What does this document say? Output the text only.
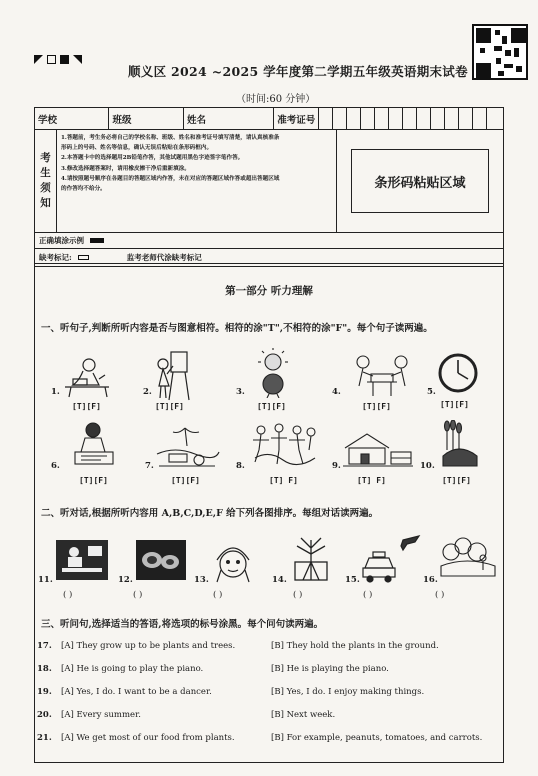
顺义区 2024 ~2025 学年度第二学期五年级英语期末试卷
（时间:60 分钟）
学校	班级	姓名	准考证号
考
生
须
知
1.答题前，考生务必将自己的学校名称、班级、姓名和准考证号填写清楚，请认真核准条
形码上的号码、姓名等信息，确认无误后粘贴在条形码框内。
2.本答题卡中的选择题用2B铅笔作答，其他试题用黑色字迹签字笔作答。
3.修改选择题答案时，请用橡皮擦干净后重新填涂。
4.请按照题号顺序在各题目的答题区域内作答，未在对应的答题区域作答或超出答题区域
的作答均不给分。	条形码粘贴区域
正确填涂示例
缺考标记:	监考老师代涂缺考标记
第一部分 听力理解
一、听句子,判断所听内容是否与图意相符。相符的涂"T",不相符的涂"F"。每个句子读两遍。
1.
[T][F]
2.
[T][F]
3.
[T][F]
4.
[T][F]
5.
[T][F]
6.
[T][F]
7.
[T][F]
8.
[T] F]
9.
[T] F]
10.
[T][F]
二、听对话,根据所听内容用 A,B,C,D,E,F 给下列各图排序。每组对话读两遍。
11.
( )
12.
( )
13.
( )
14.
( )
15.
( )
16.
( )
三、听问句,选择适当的答语,将选项的标号涂黑。每个问句读两遍。
17. [A] They grow up to be plants and trees.	[B] They hold the plants in the ground.
18. [A] He is going to play the piano.	[B] He is playing the piano.
19. [A] Yes, I do. I want to be a dancer.	[B] Yes, I do. I enjoy making things.
20. [A] Every summer.	[B] Next week.
21. [A] We get most of our food from plants.	[B] For example, peanuts, tomatoes, and carrots.
